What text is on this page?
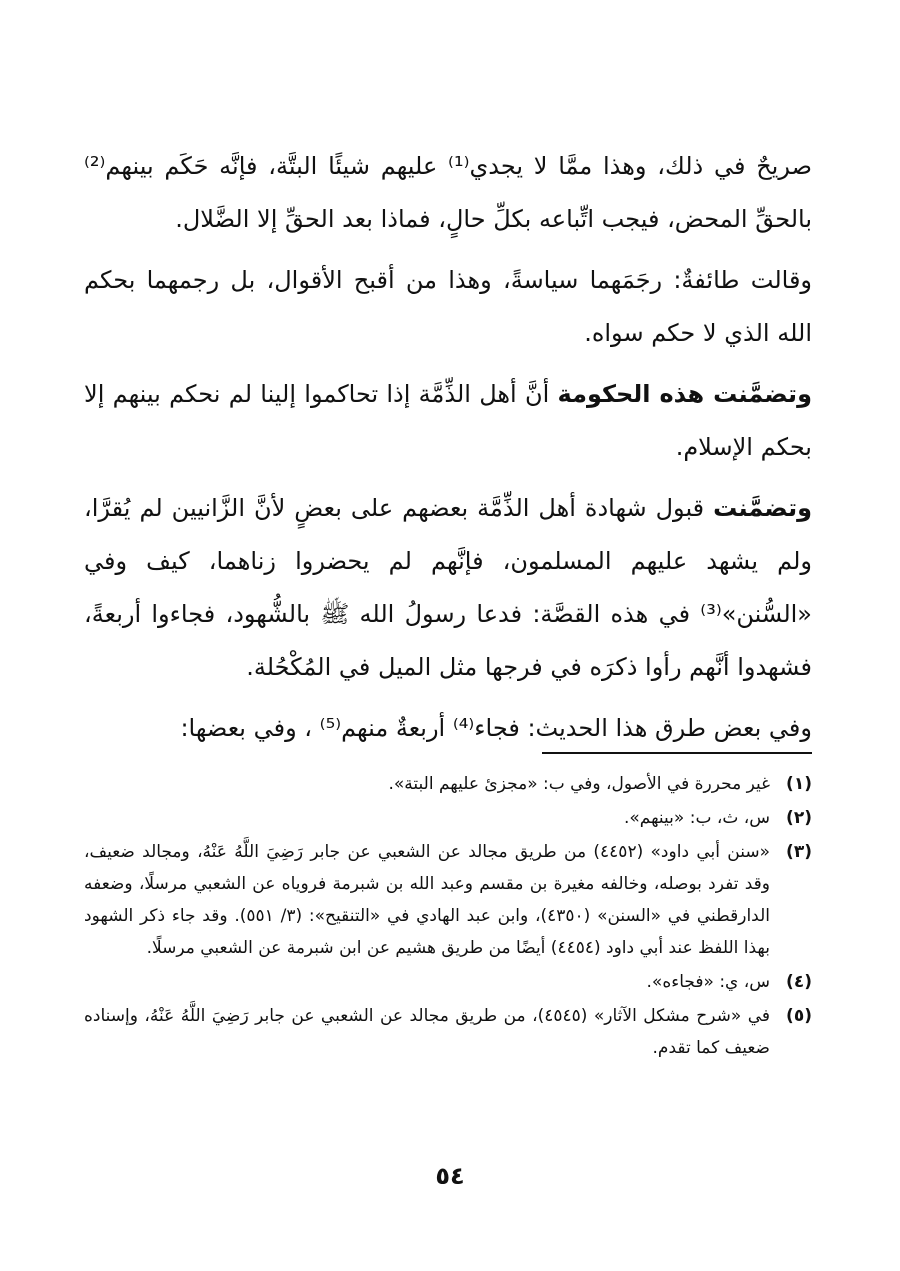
صريحٌ في ذلك، وهذا ممَّا لا يجدي⁽¹⁾ عليهم شيئًا البتَّة، فإنَّه حَكَم بينهم⁽²⁾ بالحقِّ المحض، فيجب اتِّباعه بكلِّ حالٍ، فماذا بعد الحقِّ إلا الضَّلال.

وقالت طائفةٌ: رجَمَهما سياسةً، وهذا من أقبح الأقوال، بل رجمهما بحكم الله الذي لا حكم سواه.

وتضمَّنت هذه الحكومة أنَّ أهل الذِّمَّة إذا تحاكموا إلينا لم نحكم بينهم إلا بحكم الإسلام.

وتضمَّنت قبول شهادة أهل الذِّمَّة بعضهم على بعضٍ لأنَّ الزَّانيين لم يُقرَّا، ولم يشهد عليهم المسلمون، فإنَّهم لم يحضروا زناهما، كيف وفي «السُّنن»⁽³⁾ في هذه القصَّة: فدعا رسولُ الله ﷺ بالشُّهود، فجاءوا أربعةً، فشهدوا أنَّهم رأوا ذكرَه في فرجها مثل الميل في المُكْحُلة.

وفي بعض طرق هذا الحديث: فجاء⁽⁴⁾ أربعةٌ منهم⁽⁵⁾ ، وفي بعضها:

(١)
غير محررة في الأصول، وفي ب: «مجزئ عليهم البتة».
(٢)
س، ث، ب: «بينهم».
(٣)
«سنن أبي داود» (٤٤٥٢) من طريق مجالد عن الشعبي عن جابر رَضِيَ اللَّهُ عَنْهُ، ومجالد ضعيف، وقد تفرد بوصله، وخالفه مغيرة بن مقسم وعبد الله بن شبرمة فروياه عن الشعبي مرسلًا، وضعفه الدارقطني في «السنن» (٤٣٥٠)، وابن عبد الهادي في «التنقيح»: (٣/ ٥٥١). وقد جاء ذكر الشهود بهذا اللفظ عند أبي داود (٤٤٥٤) أيضًا من طريق هشيم عن ابن شبرمة عن الشعبي مرسلًا.
(٤)
س، ي: «فجاءه».
(٥)
في «شرح مشكل الآثار» (٤٥٤٥)، من طريق مجالد عن الشعبي عن جابر رَضِيَ اللَّهُ عَنْهُ، وإسناده ضعيف كما تقدم.
٥٤
